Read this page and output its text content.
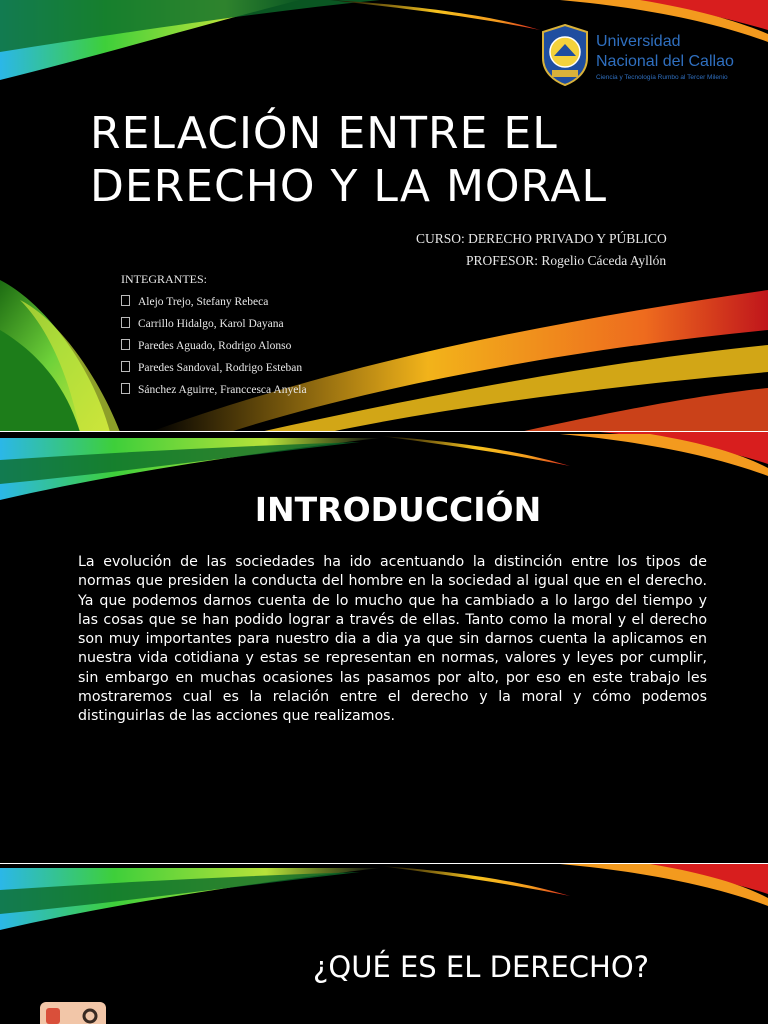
Universidad
Nacional del Callao
Ciencia y Tecnología Rumbo al Tercer Milenio
RELACIÓN ENTRE EL
DERECHO Y LA MORAL
CURSO: DERECHO PRIVADO Y PÚBLICO
PROFESOR: Rogelio Cáceda Ayllón
INTEGRANTES:
Alejo Trejo, Stefany Rebeca
Carrillo Hidalgo, Karol Dayana
Paredes Aguado, Rodrigo Alonso
Paredes Sandoval, Rodrigo Esteban
Sánchez Aguirre, Franccesca Anyela
INTRODUCCIÓN

La evolución de las sociedades ha ido acentuando la distinción entre los tipos de normas que presiden la conducta del hombre en la sociedad al igual que en el derecho. Ya que podemos darnos cuenta de lo mucho que ha cambiado a lo largo del tiempo y las cosas que se han podido lograr a través de ellas. Tanto como la moral y el derecho son muy importantes para nuestro dia a dia ya que sin darnos cuenta la aplicamos en nuestra vida cotidiana y estas se representan en normas, valores y leyes por cumplir, sin embargo en muchas ocasiones las pasamos por alto, por eso en este trabajo les mostraremos cual es la relación entre el derecho y la moral y cómo podemos distinguirlas de las acciones que realizamos.

¿QUÉ ES EL DERECHO?
